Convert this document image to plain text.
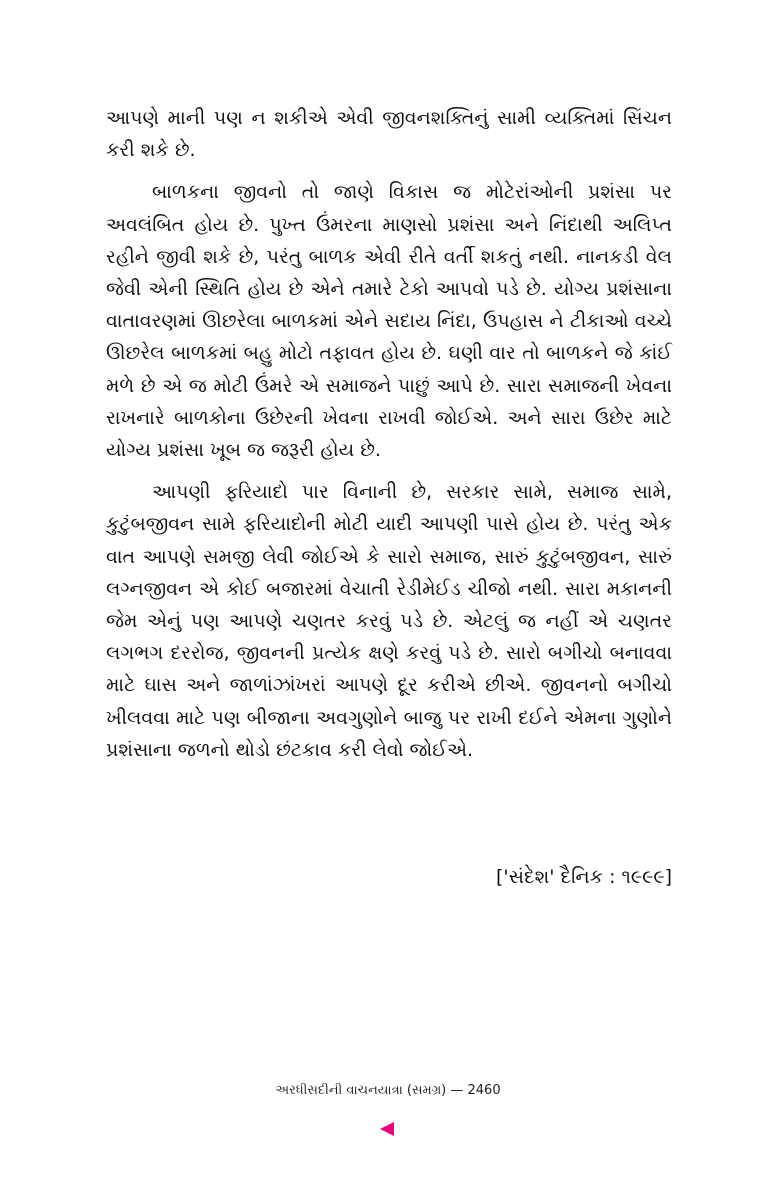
આપણે માની પણ ન શકીએ એવી જીવનશક્તિનું સામી વ્યક્તિમાં સિંચન કરી શકે છે.

બાળકના જીવનો તો જાણે વિકાસ જ મોટેરાંઓની પ્રશંસા પર અવલંબિત હોય છે. પુખ્ત ઉંમરના માણસો પ્રશંસા અને નિંદાથી અલિપ્ત રહીને જીવી શકે છે, પરંતુ બાળક એવી રીતે વર્તી શકતું નથી. નાનકડી વેલ જેવી એની સ્થિતિ હોય છે એને તમારે ટેકો આપવો પડે છે. યોગ્ય પ્રશંસાના વાતાવરણમાં ઊછરેલા બાળકમાં એને સદાય નિંદા, ઉપહાસ ને ટીકાઓ વચ્ચે ઊછરેલ બાળકમાં બહુ મોટો તફાવત હોય છે. ઘણી વાર તો બાળકને જે કાંઈ મળે છે એ જ મોટી ઉંમરે એ સમાજને પાછું આપે છે. સારા સમાજની ખેવના રાખનારે બાળકોના ઉછેરની ખેવના રાખવી જોઈએ. અને સારા ઉછેર માટે યોગ્ય પ્રશંસા ખૂબ જ જરૂરી હોય છે.

આપણી ફરિયાદો પાર વિનાની છે, સરકાર સામે, સમાજ સામે, કુટુંબજીવન સામે ફરિયાદોની મોટી યાદી આપણી પાસે હોય છે. પરંતુ એક વાત આપણે સમજી લેવી જોઈએ કે સારો સમાજ, સારું કુટુંબજીવન, સારું લગ્નજીવન એ કોઈ બજારમાં વેચાતી રેડીમેઈડ ચીજો નથી. સારા મકાનની જેમ એનું પણ આપણે ચણતર કરવું પડે છે. એટલું જ નહીં એ ચણતર લગભગ દરરોજ, જીવનની પ્રત્યેક ક્ષણે કરવું પડે છે. સારો બગીચો બનાવવા માટે ઘાસ અને જાળાંઝાંખરાં આપણે દૂર કરીએ છીએ. જીવનનો બગીચો ખીલવવા માટે પણ બીજાના અવગુણોને બાજુ પર રાખી દઈને એમના ગુણોને પ્રશંસાના જળનો થોડો છંટકાવ કરી લેવો જોઈએ.

['સંદેશ' દૈનિક : ૧૯૯૯]
અરધીસદીની વાચનયાત્રા (સમગ્ર) — 2460
